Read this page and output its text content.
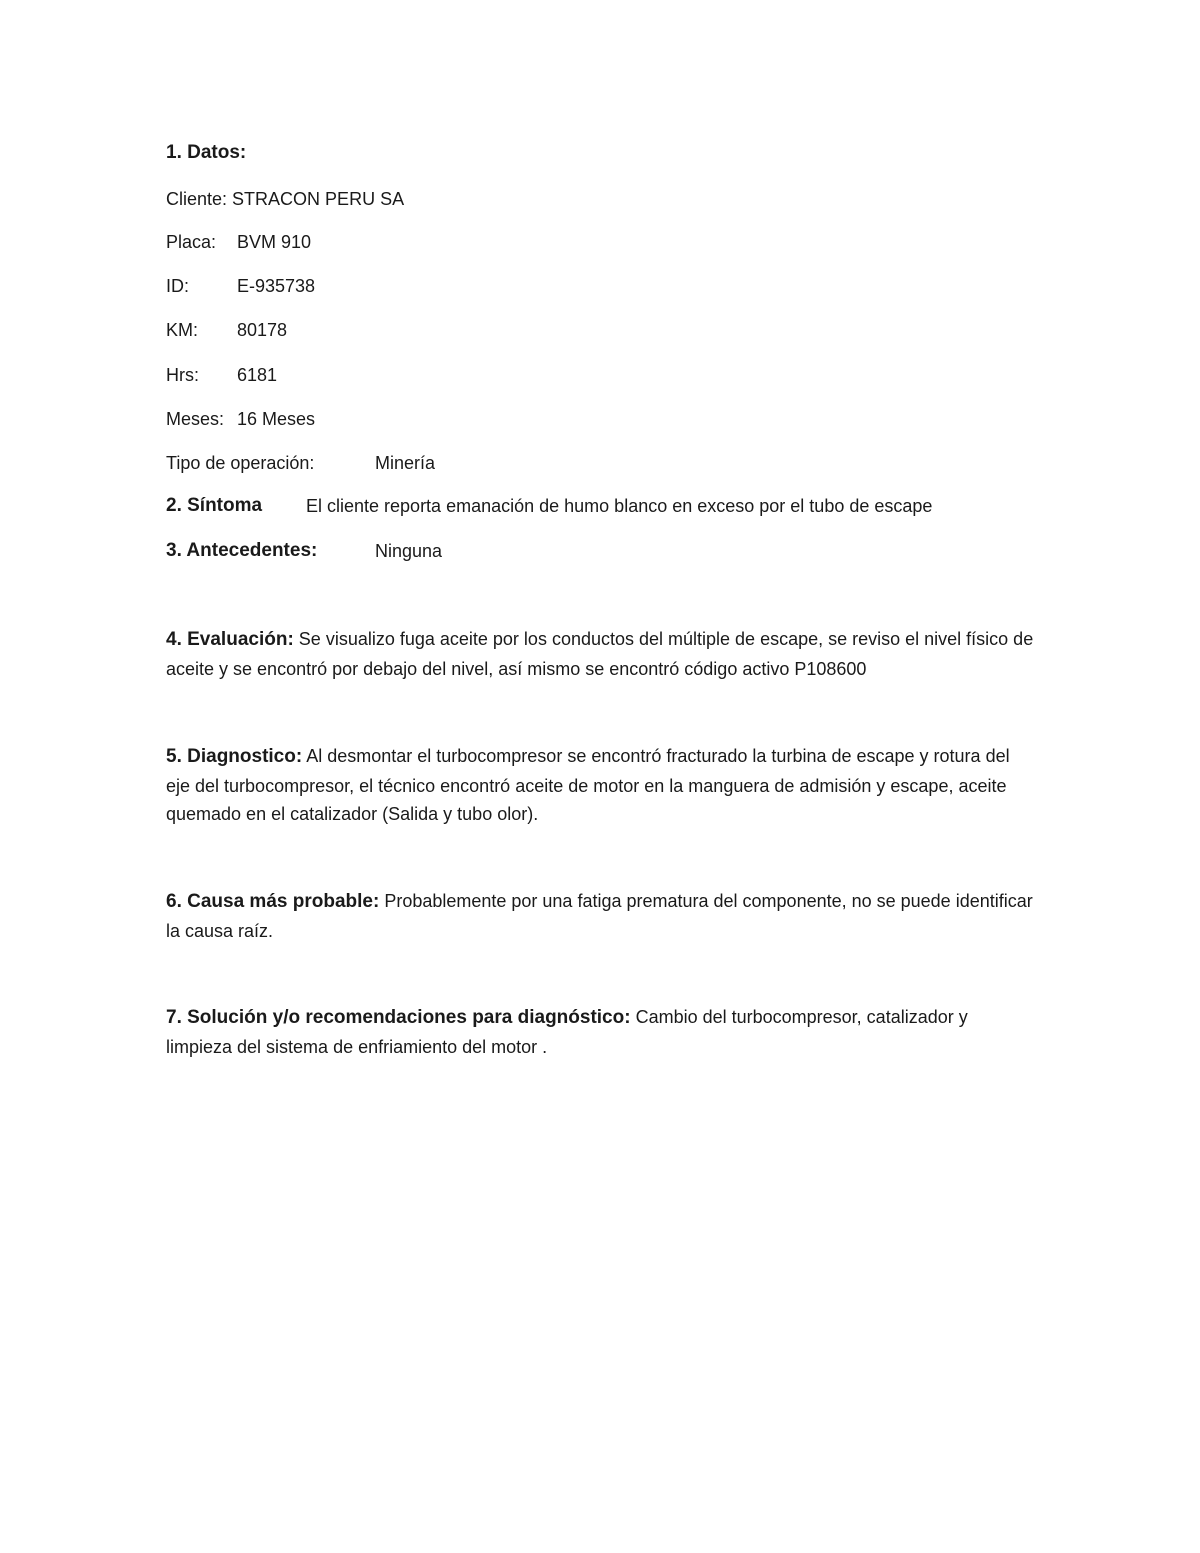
1. Datos:
Cliente: STRACON PERU SA
Placa: BVM 910
ID:	E-935738
KM: 80178
Hrs: 6181
Meses: 16 Meses
Tipo de operación:	Minería
2. Síntoma El cliente reporta emanación de humo blanco en exceso por el tubo de escape
3. Antecedentes:	Ninguna
4. Evaluación: Se visualizo fuga aceite por los conductos del múltiple de escape, se reviso el nivel físico de aceite y se encontró por debajo del nivel, así mismo se encontró código activo P108600
5. Diagnostico: Al desmontar el turbocompresor se encontró fracturado la turbina de escape y rotura del eje del turbocompresor, el técnico encontró aceite de motor en la manguera de admisión y escape, aceite quemado en el catalizador (Salida y tubo olor).
6. Causa más probable: Probablemente por una fatiga prematura del componente, no se puede identificar la causa raíz.
7. Solución y/o recomendaciones para diagnóstico: Cambio del turbocompresor, catalizador y limpieza del sistema de enfriamiento del motor .
